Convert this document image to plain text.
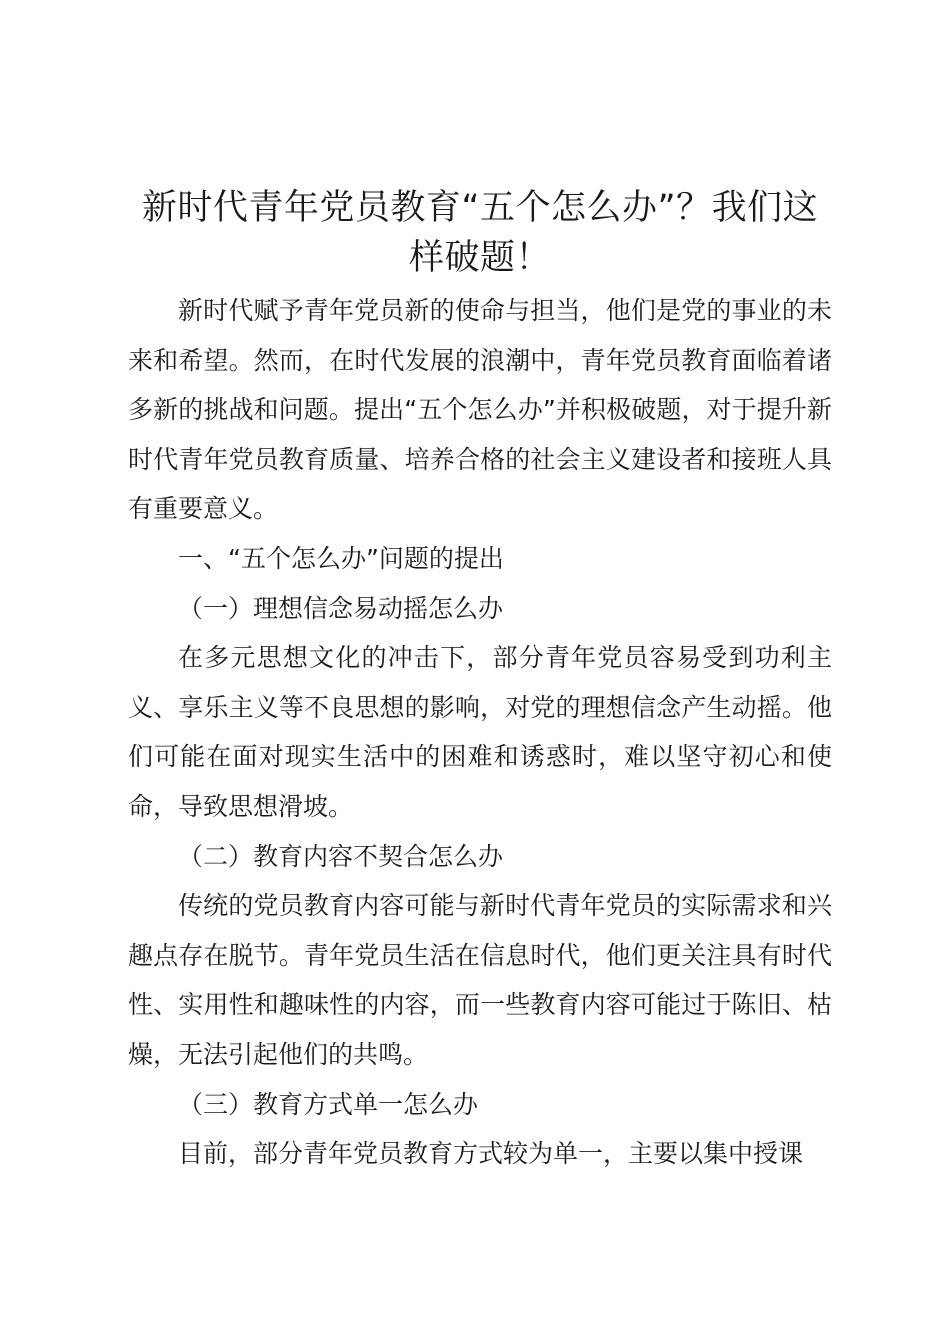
新时代青年党员教育“五个怎么办”？我们这样破题！

新时代赋予青年党员新的使命与担当，他们是党的事业的未来和希望。然而，在时代发展的浪潮中，青年党员教育面临着诸多新的挑战和问题。提出“五个怎么办”并积极破题，对于提升新时代青年党员教育质量、培养合格的社会主义建设者和接班人具有重要意义。

一、“五个怎么办”问题的提出

（一）理想信念易动摇怎么办

在多元思想文化的冲击下，部分青年党员容易受到功利主义、享乐主义等不良思想的影响，对党的理想信念产生动摇。他们可能在面对现实生活中的困难和诱惑时，难以坚守初心和使命，导致思想滑坡。

（二）教育内容不契合怎么办

传统的党员教育内容可能与新时代青年党员的实际需求和兴趣点存在脱节。青年党员生活在信息时代，他们更关注具有时代性、实用性和趣味性的内容，而一些教育内容可能过于陈旧、枯燥，无法引起他们的共鸣。

（三）教育方式单一怎么办

目前，部分青年党员教育方式较为单一，主要以集中授课
